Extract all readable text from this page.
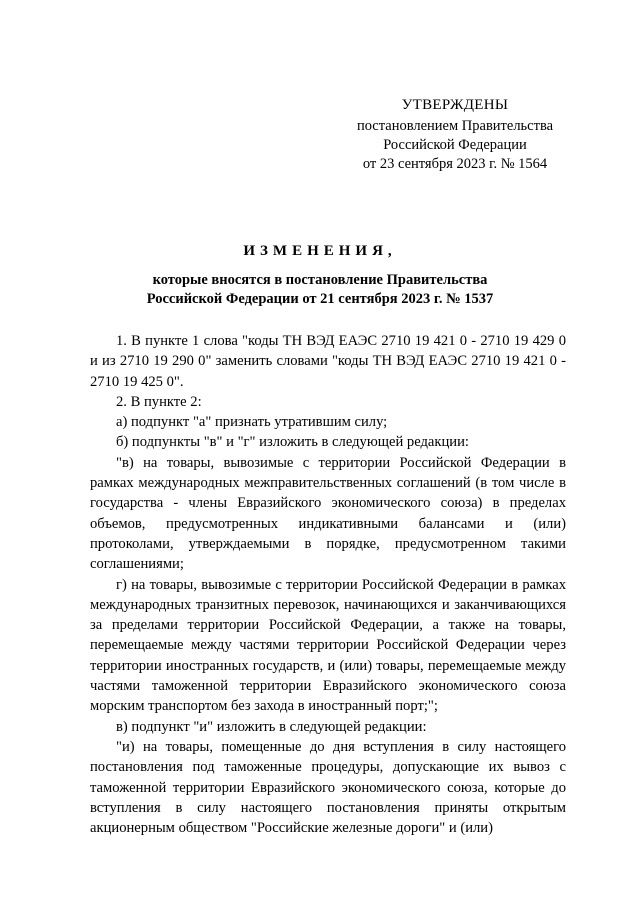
УТВЕРЖДЕНЫ
постановлением Правительства
Российской Федерации
от 23 сентября 2023 г. № 1564
ИЗМЕНЕНИЯ,
которые вносятся в постановление Правительства
Российской Федерации от 21 сентября 2023 г. № 1537

1. В пункте 1 слова "коды ТН ВЭД ЕАЭС 2710 19 421 0 - 2710 19 429 0 и из 2710 19 290 0" заменить словами "коды ТН ВЭД ЕАЭС 2710 19 421 0 - 2710 19 425 0".

2. В пункте 2:

а) подпункт "а" признать утратившим силу;

б) подпункты "в" и "г" изложить в следующей редакции:

"в) на товары, вывозимые с территории Российской Федерации в рамках международных межправительственных соглашений (в том числе в государства - члены Евразийского экономического союза) в пределах объемов, предусмотренных индикативными балансами и (или) протоколами, утверждаемыми в порядке, предусмотренном такими соглашениями;

г) на товары, вывозимые с территории Российской Федерации в рамках международных транзитных перевозок, начинающихся и заканчивающихся за пределами территории Российской Федерации, а также на товары, перемещаемые между частями территории Российской Федерации через территории иностранных государств, и (или) товары, перемещаемые между частями таможенной территории Евразийского экономического союза морским транспортом без захода в иностранный порт;";

в) подпункт "и" изложить в следующей редакции:

"и) на товары, помещенные до дня вступления в силу настоящего постановления под таможенные процедуры, допускающие их вывоз с таможенной территории Евразийского экономического союза, которые до вступления в силу настоящего постановления приняты открытым акционерным обществом "Российские железные дороги" и (или)
